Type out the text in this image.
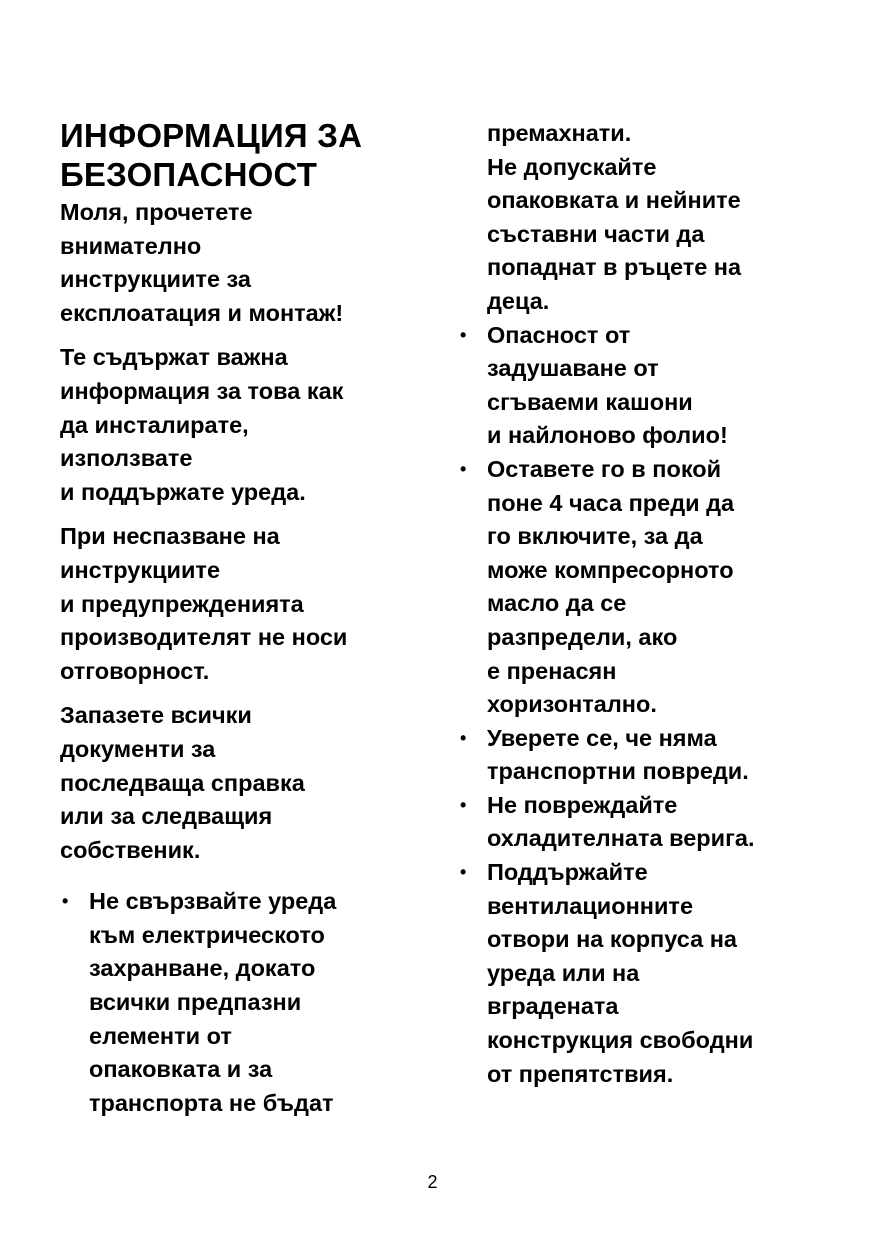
ИНФОРМАЦИЯ ЗА
БЕЗОПАСНОСТ
Моля, прочетете
внимателно
инструкциите за
експлоатация и монтаж!
Те съдържат важна
информация за това как
да инсталирате,
използвате
и поддържате уреда.
При неспазване на
инструкциите
и предупрежденията
производителят не носи
отговорност.
Запазете всички
документи за
последваща справка
или за следващия
собственик.
• Не свързвайте уреда
към електрическото
захранване, докато
всички предпазни
елементи от
опаковката и за
транспорта не бъдат
премахнати.
Не допускайте
опаковката и нейните
съставни части да
попаднат в ръцете на
деца.
• Опасност от
задушаване от
сгъваеми кашони
и найлоново фолио!
• Оставете го в покой
поне 4 часа преди да
го включите, за да
може компресорното
масло да се
разпредели, ако
е пренасян
хоризонтално.
• Уверете се, че няма
транспортни повреди.
• Не повреждайте
охладителната верига.
• Поддържайте
вентилационните
отвори на корпуса на
уреда или на
вградената
конструкция свободни
от препятствия.
2
